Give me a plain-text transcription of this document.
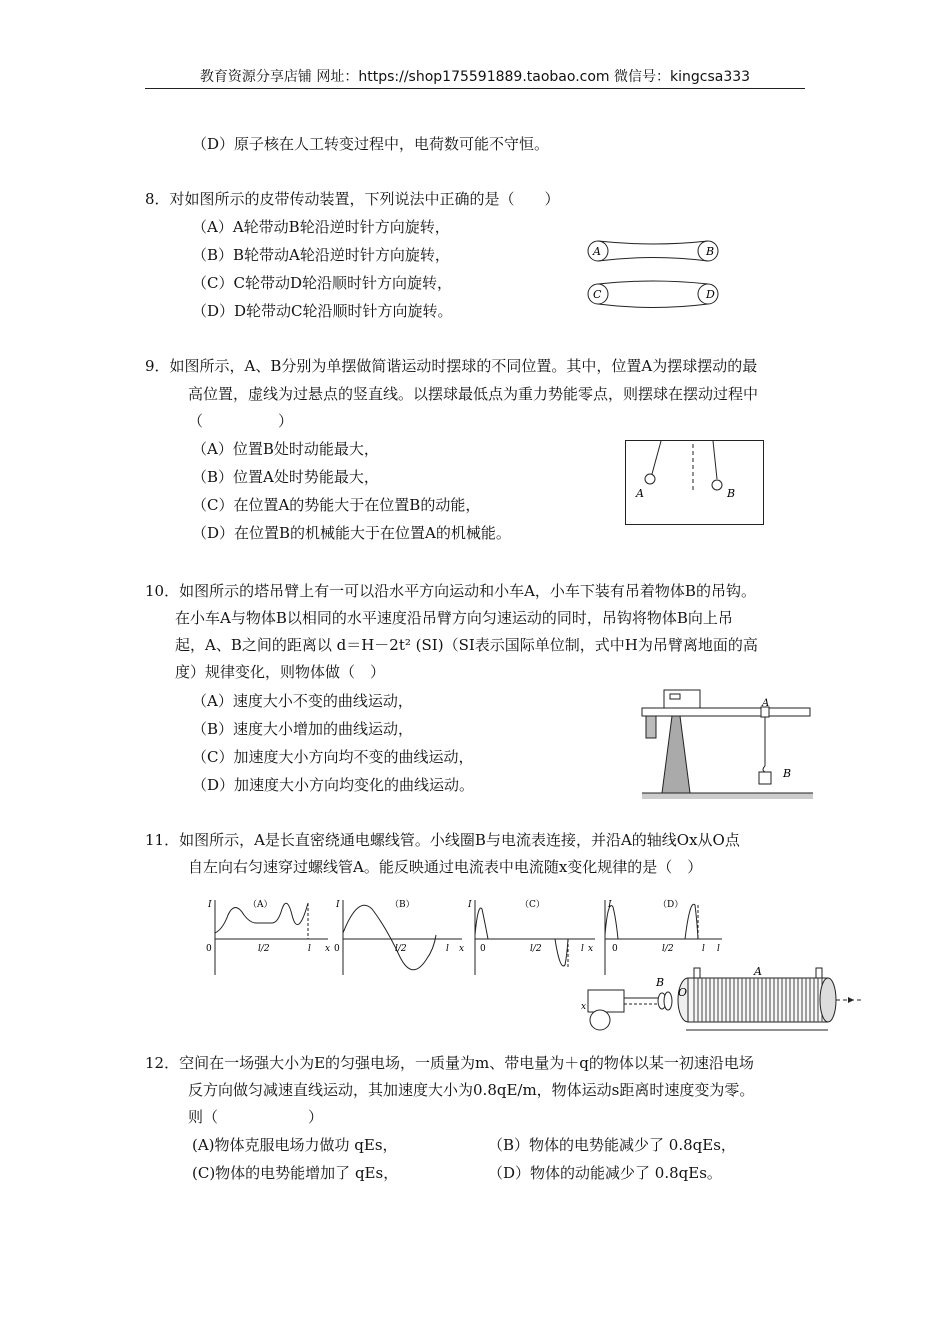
教育资源分享店铺 网址：https://shop175591889.taobao.com 微信号：kingcsa333
（D）原子核在人工转变过程中，电荷数可能不守恒。
8．对如图所示的皮带传动装置，下列说法中正确的是（　　）
（A）A轮带动B轮沿逆时针方向旋转，
（B）B轮带动A轮沿逆时针方向旋转，
（C）C轮带动D轮沿顺时针方向旋转，
（D）D轮带动C轮沿顺时针方向旋转。
A	B
C	D
9．如图所示，A、B分别为单摆做简谐运动时摆球的不同位置。其中，位置A为摆球摆动的最
高位置，虚线为过悬点的竖直线。以摆球最低点为重力势能零点，则摆球在摆动过程中
（　　　　　）
（A）位置B处时动能最大，
（B）位置A处时势能最大，
（C）在位置A的势能大于在位置B的动能，
（D）在位置B的机械能大于在位置A的机械能。
A	B
10．如图所示的塔吊臂上有一可以沿水平方向运动和小车A，小车下装有吊着物体B的吊钩。
在小车A与物体B以相同的水平速度沿吊臂方向匀速运动的同时，吊钩将物体B向上吊
起，A、B之间的距离以 d＝H－2t² (SI)（SI表示国际单位制，式中H为吊臂离地面的高
度）规律变化，则物体做（　）
（A）速度大小不变的曲线运动，
（B）速度大小增加的曲线运动，
（C）加速度大小方向均不变的曲线运动，
（D）加速度大小方向均变化的曲线运动。
A
B
11．如图所示，A是长直密绕通电螺线管。小线圈B与电流表连接，并沿A的轴线Ox从O点
自左向右匀速穿过螺线管A。能反映通过电流表中电流随x变化规律的是（　）
（A）
I
0	l/2	l x
（B）
I
0	l/2	l x
（C）
I
0	l/2	l x
（D）
I
0	l/2	l l
B
A
O
x
12．空间在一场强大小为E的匀强电场，一质量为m、带电量为＋q的物体以某一初速沿电场
反方向做匀减速直线运动，其加速度大小为0.8qE/m，物体运动s距离时速度变为零。
则（　　　　　　）
(A)物体克服电场力做功 qEs，	（B）物体的电势能减少了 0.8qEs，
(C)物体的电势能增加了 qEs，	（D）物体的动能减少了 0.8qEs。
